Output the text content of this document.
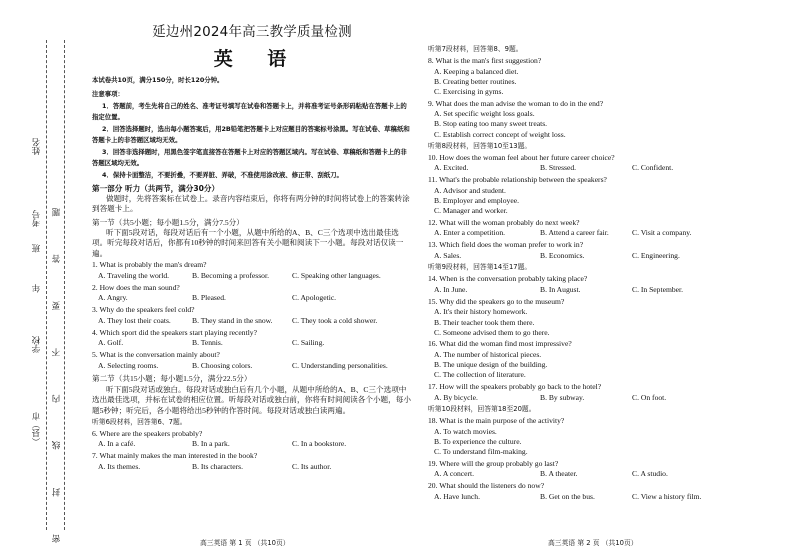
姓名
考号
班
年
学校
（县）市 密 封 线 内 不 要 答 题
延边州2024年高三教学质量检测
英 语
本试卷共10页，满分150分，时长120分钟。
注意事项：
1．答题前，考生先将自己的姓名、准考证号填写在试卷和答题卡上，并将准考证号条形码粘贴在答题卡上的指定位置。
2．回答选择题时，选出每小题答案后，用2B铅笔把答题卡上对应题目的答案标号涂黑。写在试卷、草稿纸和答题卡上的非答题区域均无效。
3．回答非选择题时，用黑色签字笔直接答在答题卡上对应的答题区域内。写在试卷、草稿纸和答题卡上的非答题区域均无效。
4．保持卡面整洁，不要折叠，不要弄脏、弄破，不准使用涂改液、修正带、刮纸刀。
第一部分 听力（共两节，满分30分）
做题时，先将答案标在试卷上。录音内容结束后，你将有两分钟的时间将试卷上的答案转涂到答题卡上。
第一节（共5小题；每小题1.5分，满分7.5分）
听下面5段对话，每段对话后有一个小题，从题中所给的A、B、C三个选项中选出最佳选项。听完每段对话后，你都有10秒钟的时间来回答有关小题和阅读下一小题。每段对话仅读一遍。
1. What is probably the man's dream?
A. Traveling the world.	B. Becoming a professor.	C. Speaking other languages.
2. How does the man sound?
A. Angry.	B. Pleased.	C. Apologetic.
3. Why do the speakers feel cold?
A. They lost their coats.	B. They stand in the snow.	C. They took a cold shower.
4. Which sport did the speakers start playing recently?
A. Golf.	B. Tennis.	C. Sailing.
5. What is the conversation mainly about?
A. Selecting rooms.	B. Choosing colors.	C. Understanding personalities.
第二节（共15小题；每小题1.5分，满分22.5分）
听下面5段对话或独白。每段对话或独白后有几个小题，从题中所给的A、B、C三个选项中选出最佳选项，并标在试卷的相应位置。听每段对话或独白前，你将有时间阅读各个小题，每小题5秒钟；听完后，各小题将给出5秒钟的作答时间。每段对话或独白读两遍。
听第6段材料，回答第6、7题。
6. Where are the speakers probably?
A. In a café.	B. In a park.	C. In a bookstore.
7. What mainly makes the man interested in the book?
A. Its themes.	B. Its characters.	C. Its author.
高三英语 第 1 页 （共10页）
听第7段材料，回答第8、9题。
8. What is the man's first suggestion?
A. Keeping a balanced diet.
B. Creating better routines.
C. Exercising in gyms.
9. What does the man advise the woman to do in the end?
A. Set specific weight loss goals.
B. Stop eating too many sweet treats.
C. Establish correct concept of weight loss.
听第8段材料，回答第10至13题。
10. How does the woman feel about her future career choice?
A. Excited.	B. Stressed.	C. Confident.
11. What's the probable relationship between the speakers?
A. Advisor and student.
B. Employer and employee.
C. Manager and worker.
12. What will the woman probably do next week?
A. Enter a competition.	B. Attend a career fair.	C. Visit a company.
13. Which field does the woman prefer to work in?
A. Sales.	B. Economics.	C. Engineering.
听第9段材料，回答第14至17题。
14. When is the conversation probably taking place?
A. In June.	B. In August.	C. In September.
15. Why did the speakers go to the museum?
A. It's their history homework.
B. Their teacher took them there.
C. Someone advised them to go there.
16. What did the woman find most impressive?
A. The number of historical pieces.
B. The unique design of the building.
C. The collection of literature.
17. How will the speakers probably go back to the hotel?
A. By bicycle.	B. By subway.	C. On foot.
听第10段材料，回答第18至20题。
18. What is the main purpose of the activity?
A. To watch movies.
B. To experience the culture.
C. To understand film-making.
19. Where will the group probably go last?
A. A concert.	B. A theater.	C. A studio.
20. What should the listeners do now?
A. Have lunch.	B. Get on the bus.	C. View a history film.
高三英语 第 2 页 （共10页）
